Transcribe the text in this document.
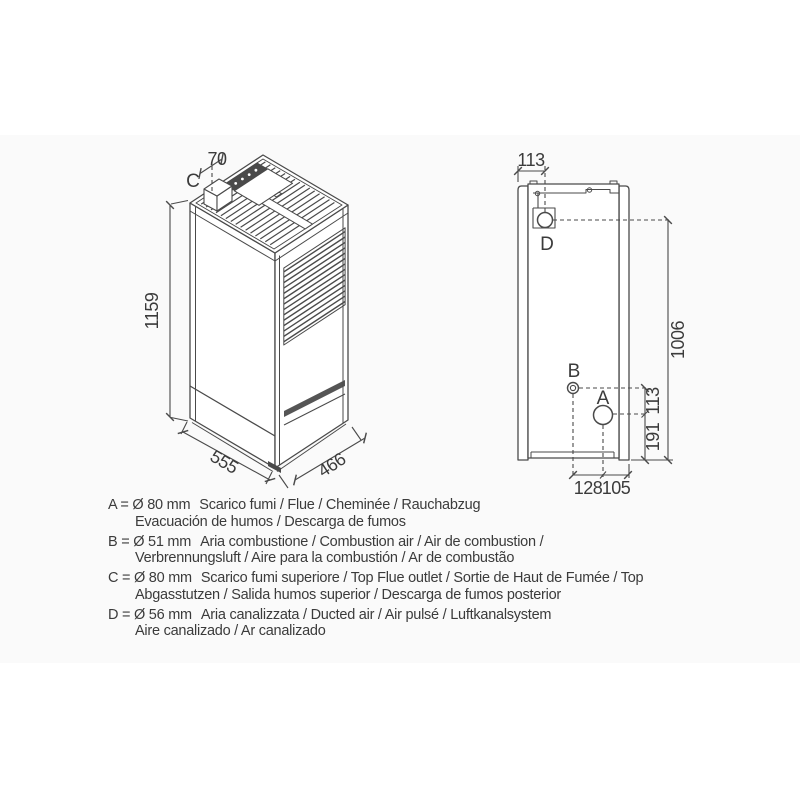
C
70
1159
555	466
113
D
1006
B
A 113
191
128 105
A = Ø 80 mm Scarico fumi / Flue / Cheminée / Rauchabzug
Evacuación de humos / Descarga de fumos
B = Ø 51 mm Aria combustione / Combustion air / Air de combustion /
Verbrennungsluft / Aire para la combustión / Ar de combustão
C = Ø 80 mm Scarico fumi superiore / Top Flue outlet / Sortie de Haut de Fumée / Top
Abgasstutzen / Salida humos superior / Descarga de fumos posterior
D = Ø 56 mm Aria canalizzata / Ducted air / Air pulsé / Luftkanalsystem
Aire canalizado / Ar canalizado
